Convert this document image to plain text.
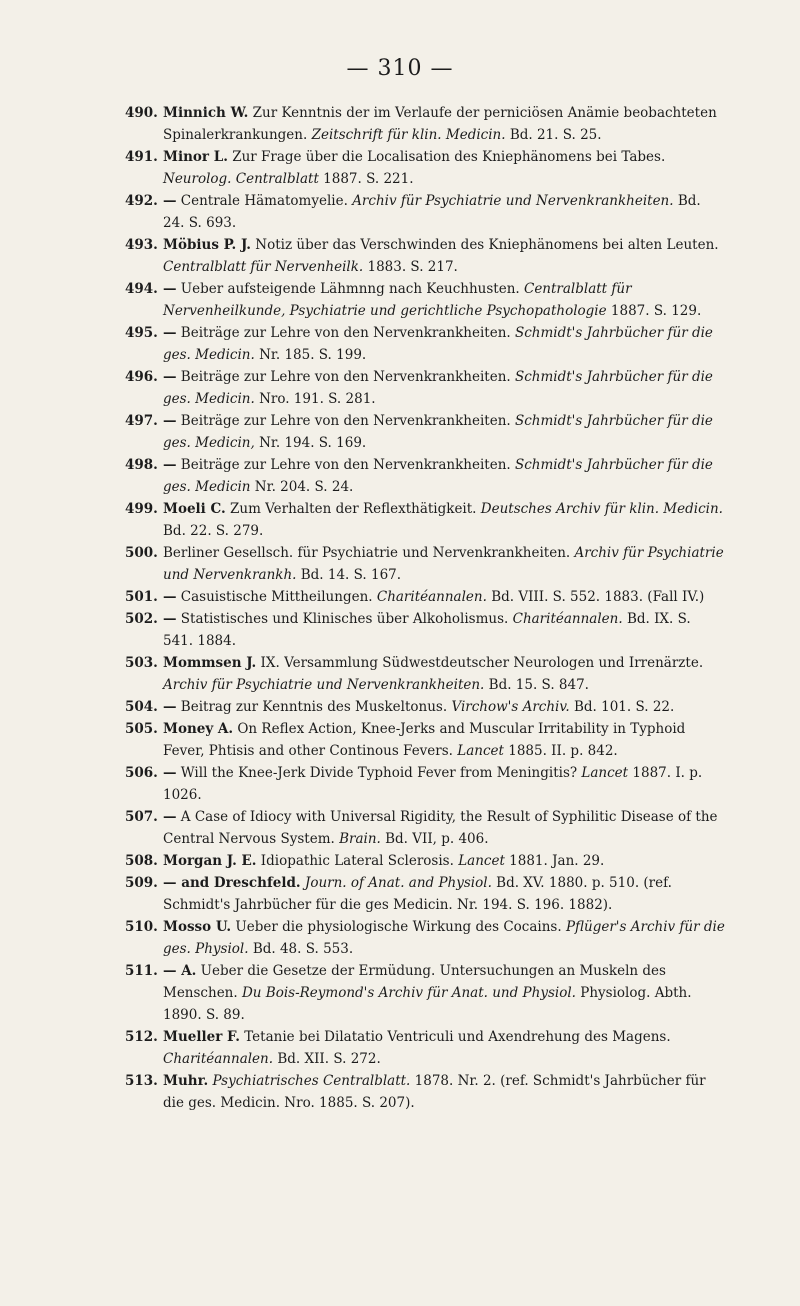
— 310 —

490. Minnich W. Zur Kenntnis der im Verlaufe der perniciösen Anämie beobachteten Spinalerkrankungen. Zeitschrift für klin. Medicin. Bd. 21. S. 25.

491. Minor L. Zur Frage über die Localisation des Kniephänomens bei Tabes. Neurolog. Centralblatt 1887. S. 221.

492. — Centrale Hämatomyelie. Archiv für Psychiatrie und Nervenkrankheiten. Bd. 24. S. 693.

493. Möbius P. J. Notiz über das Verschwinden des Kniephänomens bei alten Leuten. Centralblatt für Nervenheilk. 1883. S. 217.

494. — Ueber aufsteigende Lähmnng nach Keuchhusten. Centralblatt für Nervenheilkunde, Psychiatrie und gerichtliche Psychopathologie 1887. S. 129.

495. — Beiträge zur Lehre von den Nervenkrankheiten. Schmidt's Jahrbücher für die ges. Medicin. Nr. 185. S. 199.

496. — Beiträge zur Lehre von den Nervenkrankheiten. Schmidt's Jahrbücher für die ges. Medicin. Nro. 191. S. 281.

497. — Beiträge zur Lehre von den Nervenkrankheiten. Schmidt's Jahrbücher für die ges. Medicin, Nr. 194. S. 169.

498. — Beiträge zur Lehre von den Nervenkrankheiten. Schmidt's Jahrbücher für die ges. Medicin Nr. 204. S. 24.

499. Moeli C. Zum Verhalten der Reflexthätigkeit. Deutsches Archiv für klin. Medicin. Bd. 22. S. 279.

500. Berliner Gesellsch. für Psychiatrie und Nervenkrankheiten. Archiv für Psychiatrie und Nervenkrankh. Bd. 14. S. 167.

501. — Casuistische Mittheilungen. Charitéannalen. Bd. VIII. S. 552. 1883. (Fall IV.)

502. — Statistisches und Klinisches über Alkoholismus. Charitéannalen. Bd. IX. S. 541. 1884.

503. Mommsen J. IX. Versammlung Südwestdeutscher Neurologen und Irrenärzte. Archiv für Psychiatrie und Nervenkrankheiten. Bd. 15. S. 847.

504. — Beitrag zur Kenntnis des Muskeltonus. Virchow's Archiv. Bd. 101. S. 22.

505. Money A. On Reflex Action, Knee-Jerks and Muscular Irritability in Typhoid Fever, Phtisis and other Continous Fevers. Lancet 1885. II. p. 842.

506. — Will the Knee-Jerk Divide Typhoid Fever from Meningitis? Lancet 1887. I. p. 1026.

507. — A Case of Idiocy with Universal Rigidity, the Result of Syphilitic Disease of the Central Nervous System. Brain. Bd. VII, p. 406.

508. Morgan J. E. Idiopathic Lateral Sclerosis. Lancet 1881. Jan. 29.

509. — and Dreschfeld. Journ. of Anat. and Physiol. Bd. XV. 1880. p. 510. (ref. Schmidt's Jahrbücher für die ges Medicin. Nr. 194. S. 196. 1882).

510. Mosso U. Ueber die physiologische Wirkung des Cocains. Pflüger's Archiv für die ges. Physiol. Bd. 48. S. 553.

511. — A. Ueber die Gesetze der Ermüdung. Untersuchungen an Muskeln des Menschen. Du Bois-Reymond's Archiv für Anat. und Physiol. Physiolog. Abth. 1890. S. 89.

512. Mueller F. Tetanie bei Dilatatio Ventriculi und Axendrehung des Magens. Charitéannalen. Bd. XII. S. 272.

513. Muhr. Psychiatrisches Centralblatt. 1878. Nr. 2. (ref. Schmidt's Jahrbücher für die ges. Medicin. Nro. 1885. S. 207).
